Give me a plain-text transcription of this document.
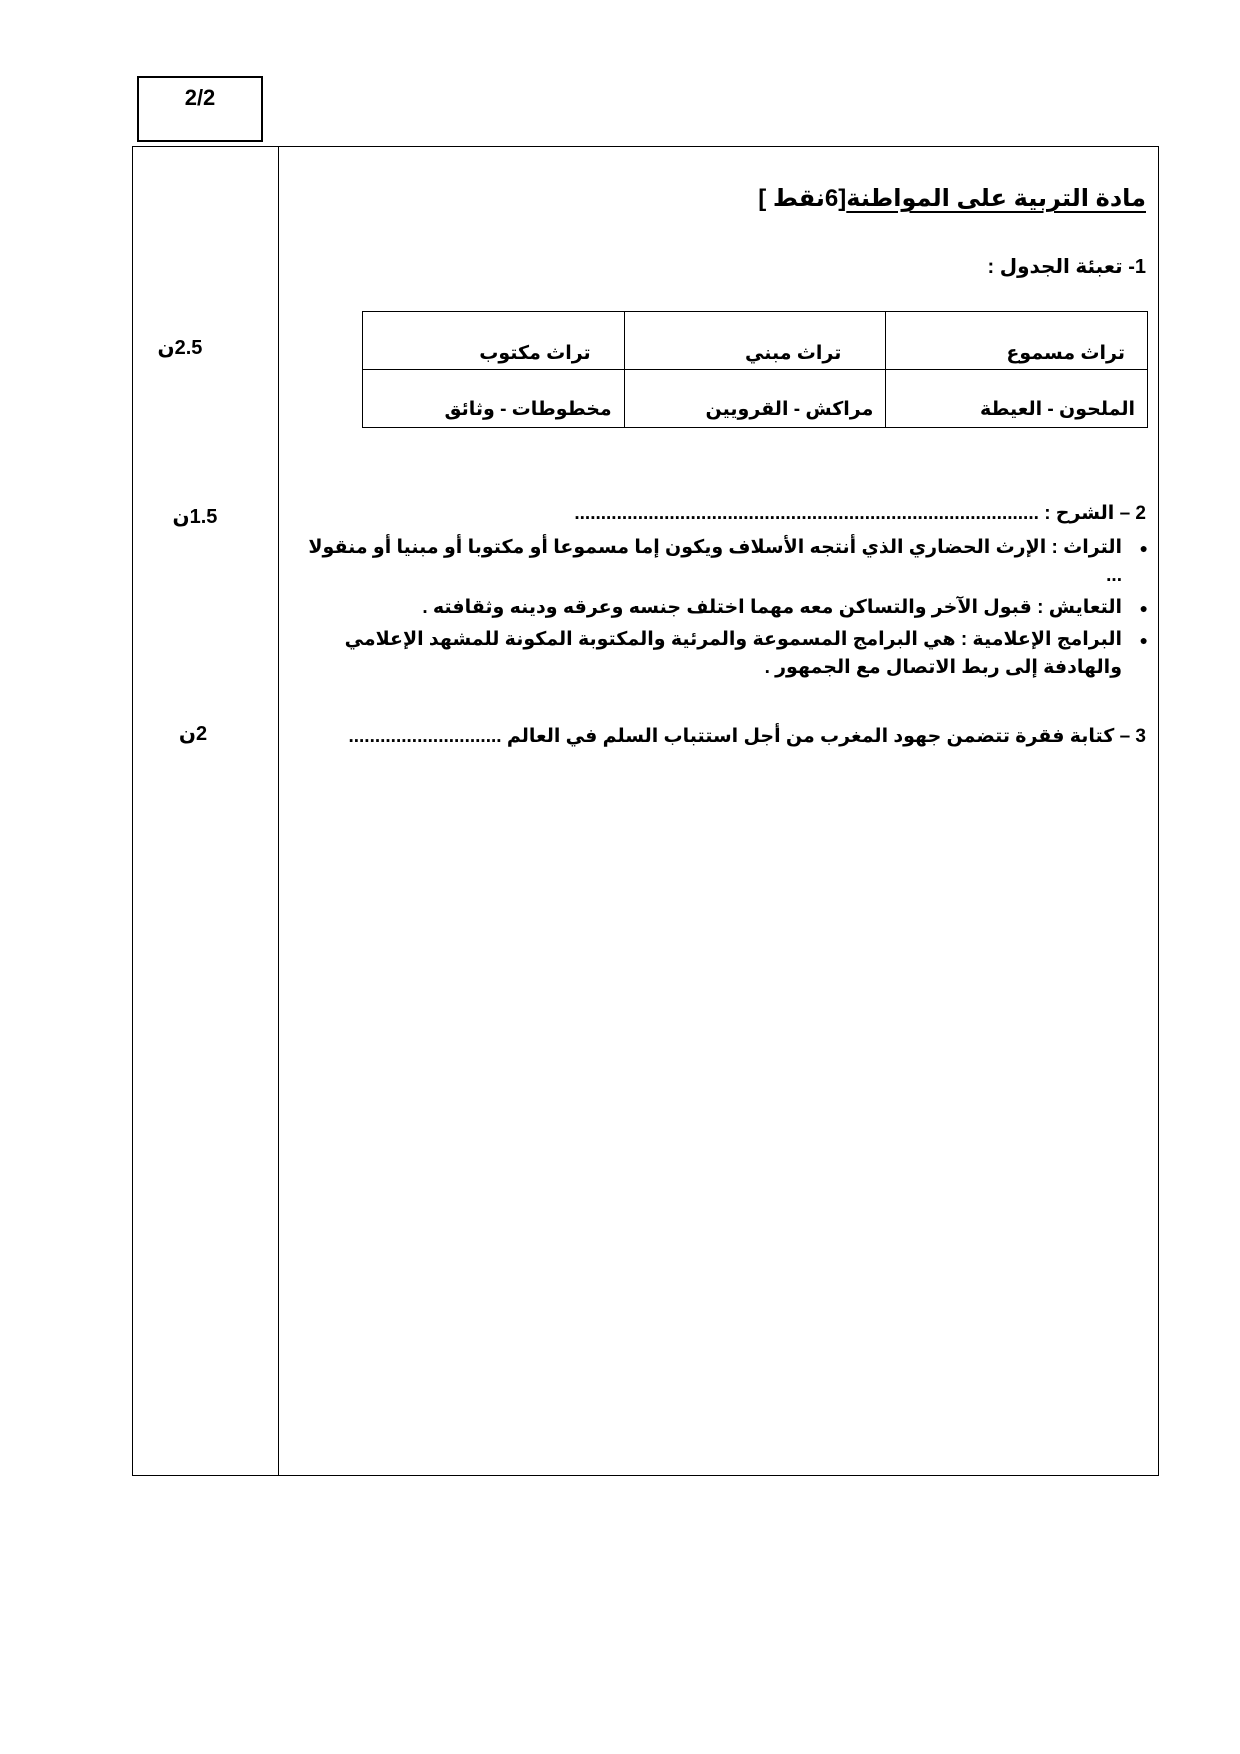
2/2
2.5ن
1.5ن
2ن
مادة التربية على المواطنة[6نقط ]
1- تعبئة الجدول :
تراث مسموع	تراث مبني	تراث مكتوب
الملحون - العيطة	مراكش - القرويين	مخطوطات - وثائق
2 – الشرح : ........................................................................................
●
التراث : الإرث الحضاري الذي أنتجه الأسلاف ويكون إما مسموعا أو مكتوبا أو مبنيا أو منقولا ...
●
التعايش : قبول الآخر والتساكن معه مهما اختلف جنسه وعرقه ودينه وثقافته .
●
البرامج الإعلامية : هي البرامج المسموعة والمرئية والمكتوبة المكونة للمشهد الإعلامي والهادفة إلى ربط الاتصال مع الجمهور .
3 – كتابة فقرة تتضمن جهود المغرب من أجل استتباب السلم في العالم .............................
